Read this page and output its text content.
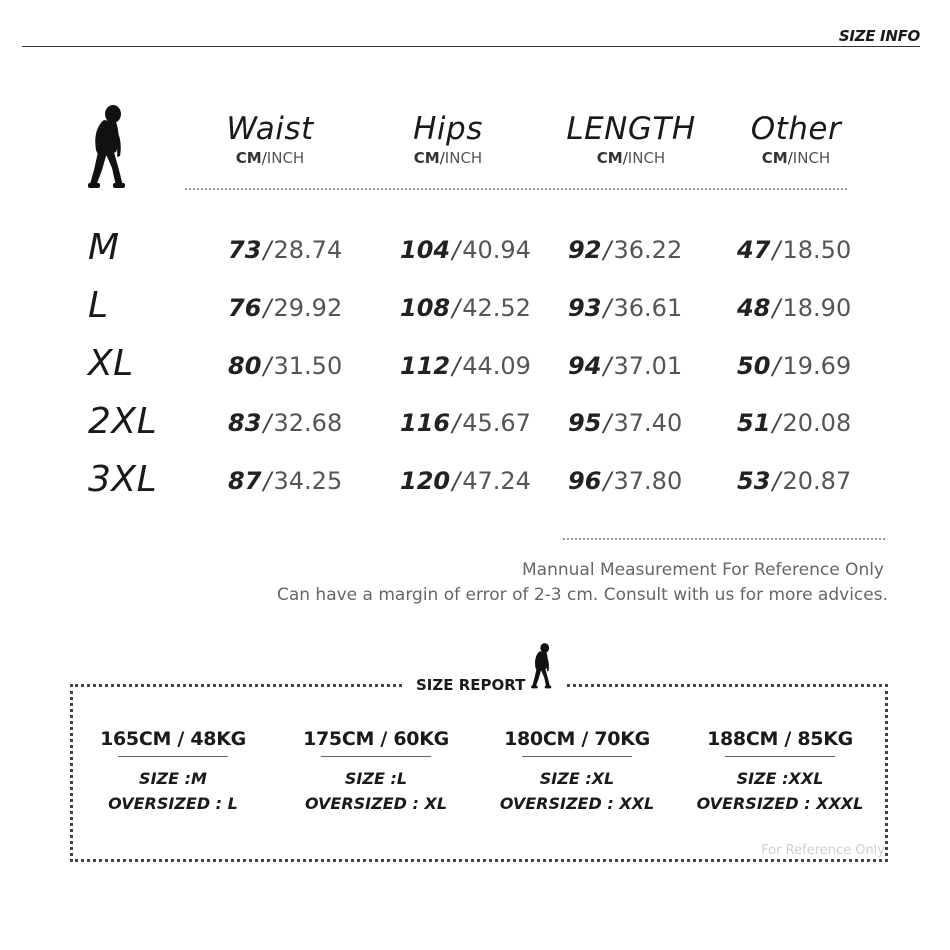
SIZE INFO
Waist
CM/INCH
Hips
CM/INCH
LENGTH
CM/INCH
Other
CM/INCH
M	73/28.74 104/40.94 92/36.22 47/18.50
L	76/29.92 108/42.52 93/36.61 48/18.90
XL	80/31.50 112/44.09 94/37.01 50/19.69
2XL	83/32.68 116/45.67 95/37.40 51/20.08
3XL	87/34.25 120/47.24 96/37.80 53/20.87
Mannual Measurement For Reference Only
Can have a margin of error of 2-3 cm. Consult with us for more advices.
SIZE REPORT
165CM / 48KG
SIZE :M
OVERSIZED : L
175CM / 60KG
SIZE :L
OVERSIZED : XL
180CM / 70KG
SIZE :XL
OVERSIZED : XXL
188CM / 85KG
SIZE :XXL
OVERSIZED : XXXL
For Reference Only
